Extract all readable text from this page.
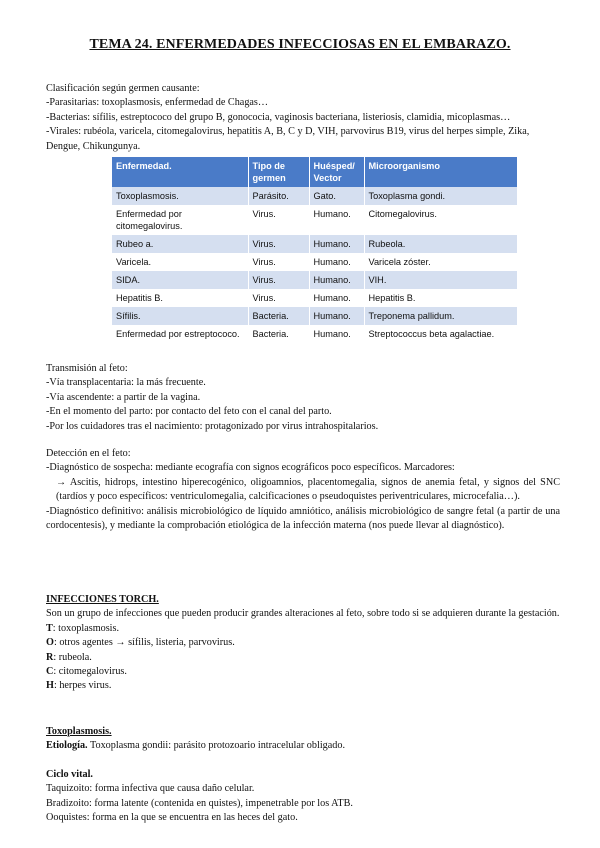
TEMA 24. ENFERMEDADES INFECCIOSAS EN EL EMBARAZO.
Clasificación según germen causante:
-Parasitarias: toxoplasmosis, enfermedad de Chagas…
-Bacterias: sífilis, estreptococo del grupo B, gonococia, vaginosis bacteriana, listeriosis, clamidia, micoplasmas…
-Virales: rubéola, varicela, citomegalovirus, hepatitis A, B, C y D, VIH, parvovirus B19, virus del herpes simple, Zika, Dengue, Chikungunya.
Enfermedad.	Tipo de germen	Huésped/ Vector	Microorganismo
Toxoplasmosis.	Parásito.	Gato.	Toxoplasma gondi.
Enfermedad por citomegalovirus.	Virus.	Humano.	Citomegalovirus.
Rubeo a.	Virus.	Humano.	Rubeola.
Varicela.	Virus.	Humano.	Varicela zóster.
SIDA.	Virus.	Humano.	VIH.
Hepatitis B.	Virus.	Humano.	Hepatitis B.
Sífilis.	Bacteria.	Humano.	Treponema pallidum.
Enfermedad por estreptococo.	Bacteria.	Humano.	Streptococcus beta agalactiae.
Transmisión al feto:
-Vía transplacentaria: la más frecuente.
-Vía ascendente: a partir de la vagina.
-En el momento del parto: por contacto del feto con el canal del parto.
-Por los cuidadores tras el nacimiento: protagonizado por virus intrahospitalarios.
Detección en el feto:
-Diagnóstico de sospecha: mediante ecografía con signos ecográficos poco específicos. Marcadores:
→ Ascitis, hidrops, intestino hiperecogénico, oligoamnios, placentomegalia, signos de anemia fetal, y signos del SNC (tardíos y poco específicos: ventriculomegalia, calcificaciones o pseudoquistes periventriculares, microcefalia…).
-Diagnóstico definitivo: análisis microbiológico de líquido amniótico, análisis microbiológico de sangre fetal (a partir de una cordocentesis), y mediante la comprobación etiológica de la infección materna (nos puede llevar al diagnóstico).
INFECCIONES TORCH.
Son un grupo de infecciones que pueden producir grandes alteraciones al feto, sobre todo si se adquieren durante la gestación.
T: toxoplasmosis.
O: otros agentes → sífilis, listeria, parvovirus.
R: rubeola.
C: citomegalovirus.
H: herpes virus.
Toxoplasmosis.
Etiología. Toxoplasma gondii: parásito protozoario intracelular obligado.
Ciclo vital.
Taquizoito: forma infectiva que causa daño celular.
Bradizoito: forma latente (contenida en quistes), impenetrable por los ATB.
Ooquistes: forma en la que se encuentra en las heces del gato.
